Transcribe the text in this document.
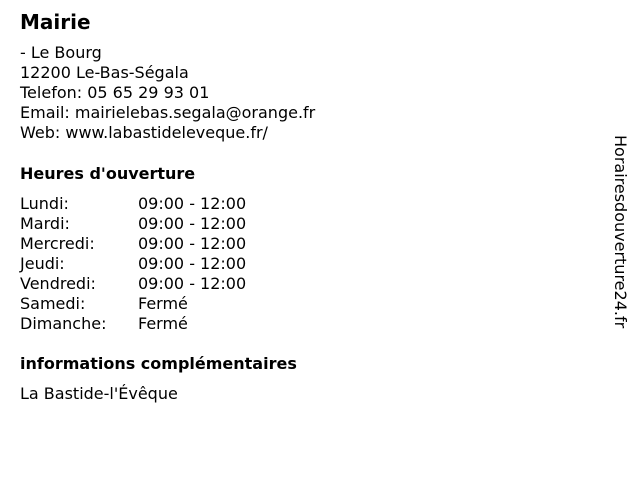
Mairie
- Le Bourg
12200 Le-Bas-Ségala
Telefon: 05 65 29 93 01
Email: mairielebas.segala@orange.fr
Web: www.labastideleveque.fr/
Heures d'ouverture
Lundi:	09:00 - 12:00
Mardi:	09:00 - 12:00
Mercredi:	09:00 - 12:00
Jeudi:	09:00 - 12:00
Vendredi:	09:00 - 12:00
Samedi:	Fermé
Dimanche:	Fermé
informations complémentaires
La Bastide-l'Évêque
Horairesdouverture24.fr
